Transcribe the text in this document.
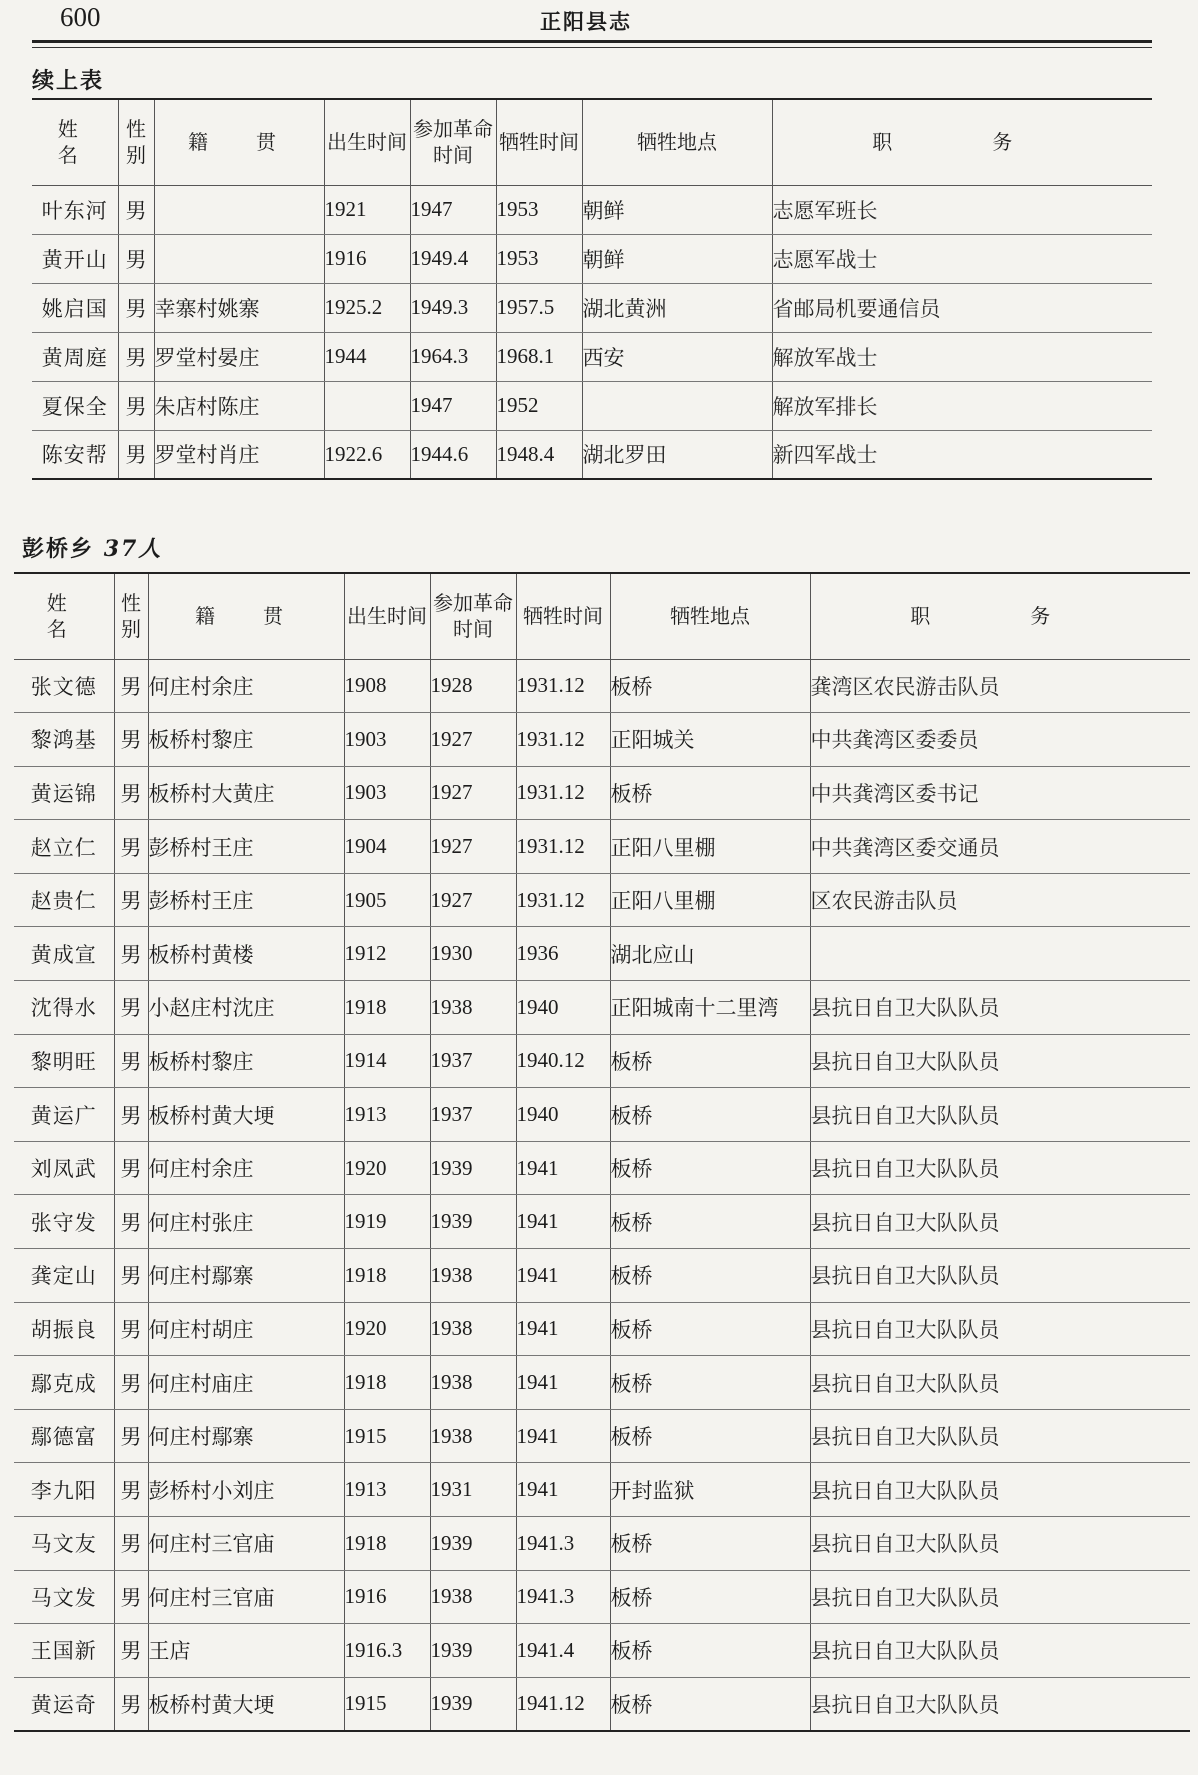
600	正阳县志
续上表
姓　名	性别	籍　贯	出生时间	参加革命时间	牺牲时间	牺牲地点	职　务
叶东河	男		1921	1947	1953	朝鲜	志愿军班长
黄开山	男		1916	1949.4	1953	朝鲜	志愿军战士
姚启国	男	幸寨村姚寨	1925.2	1949.3	1957.5	湖北黄洲	省邮局机要通信员
黄周庭	男	罗堂村晏庄	1944	1964.3	1968.1	西安	解放军战士
夏保全	男	朱店村陈庄		1947	1952		解放军排长
陈安帮	男	罗堂村肖庄	1922.6	1944.6	1948.4	湖北罗田	新四军战士
彭桥乡 37人
姓　名	性别	籍　贯	出生时间	参加革命时间	牺牲时间	牺牲地点	职　务
张文德	男	何庄村余庄	1908	1928	1931.12	板桥	龚湾区农民游击队员
黎鸿基	男	板桥村黎庄	1903	1927	1931.12	正阳城关	中共龚湾区委委员
黄运锦	男	板桥村大黄庄	1903	1927	1931.12	板桥	中共龚湾区委书记
赵立仁	男	彭桥村王庄	1904	1927	1931.12	正阳八里棚	中共龚湾区委交通员
赵贵仁	男	彭桥村王庄	1905	1927	1931.12	正阳八里棚	区农民游击队员
黄成宣	男	板桥村黄楼	1912	1930	1936	湖北应山	
沈得水	男	小赵庄村沈庄	1918	1938	1940	正阳城南十二里湾	县抗日自卫大队队员
黎明旺	男	板桥村黎庄	1914	1937	1940.12	板桥	县抗日自卫大队队员
黄运广	男	板桥村黄大埂	1913	1937	1940	板桥	县抗日自卫大队队员
刘凤武	男	何庄村余庄	1920	1939	1941	板桥	县抗日自卫大队队员
张守发	男	何庄村张庄	1919	1939	1941	板桥	县抗日自卫大队队员
龚定山	男	何庄村鄢寨	1918	1938	1941	板桥	县抗日自卫大队队员
胡振良	男	何庄村胡庄	1920	1938	1941	板桥	县抗日自卫大队队员
鄢克成	男	何庄村庙庄	1918	1938	1941	板桥	县抗日自卫大队队员
鄢德富	男	何庄村鄢寨	1915	1938	1941	板桥	县抗日自卫大队队员
李九阳	男	彭桥村小刘庄	1913	1931	1941	开封监狱	县抗日自卫大队队员
马文友	男	何庄村三官庙	1918	1939	1941.3	板桥	县抗日自卫大队队员
马文发	男	何庄村三官庙	1916	1938	1941.3	板桥	县抗日自卫大队队员
王国新	男	王店	1916.3	1939	1941.4	板桥	县抗日自卫大队队员
黄运奇	男	板桥村黄大埂	1915	1939	1941.12	板桥	县抗日自卫大队队员
